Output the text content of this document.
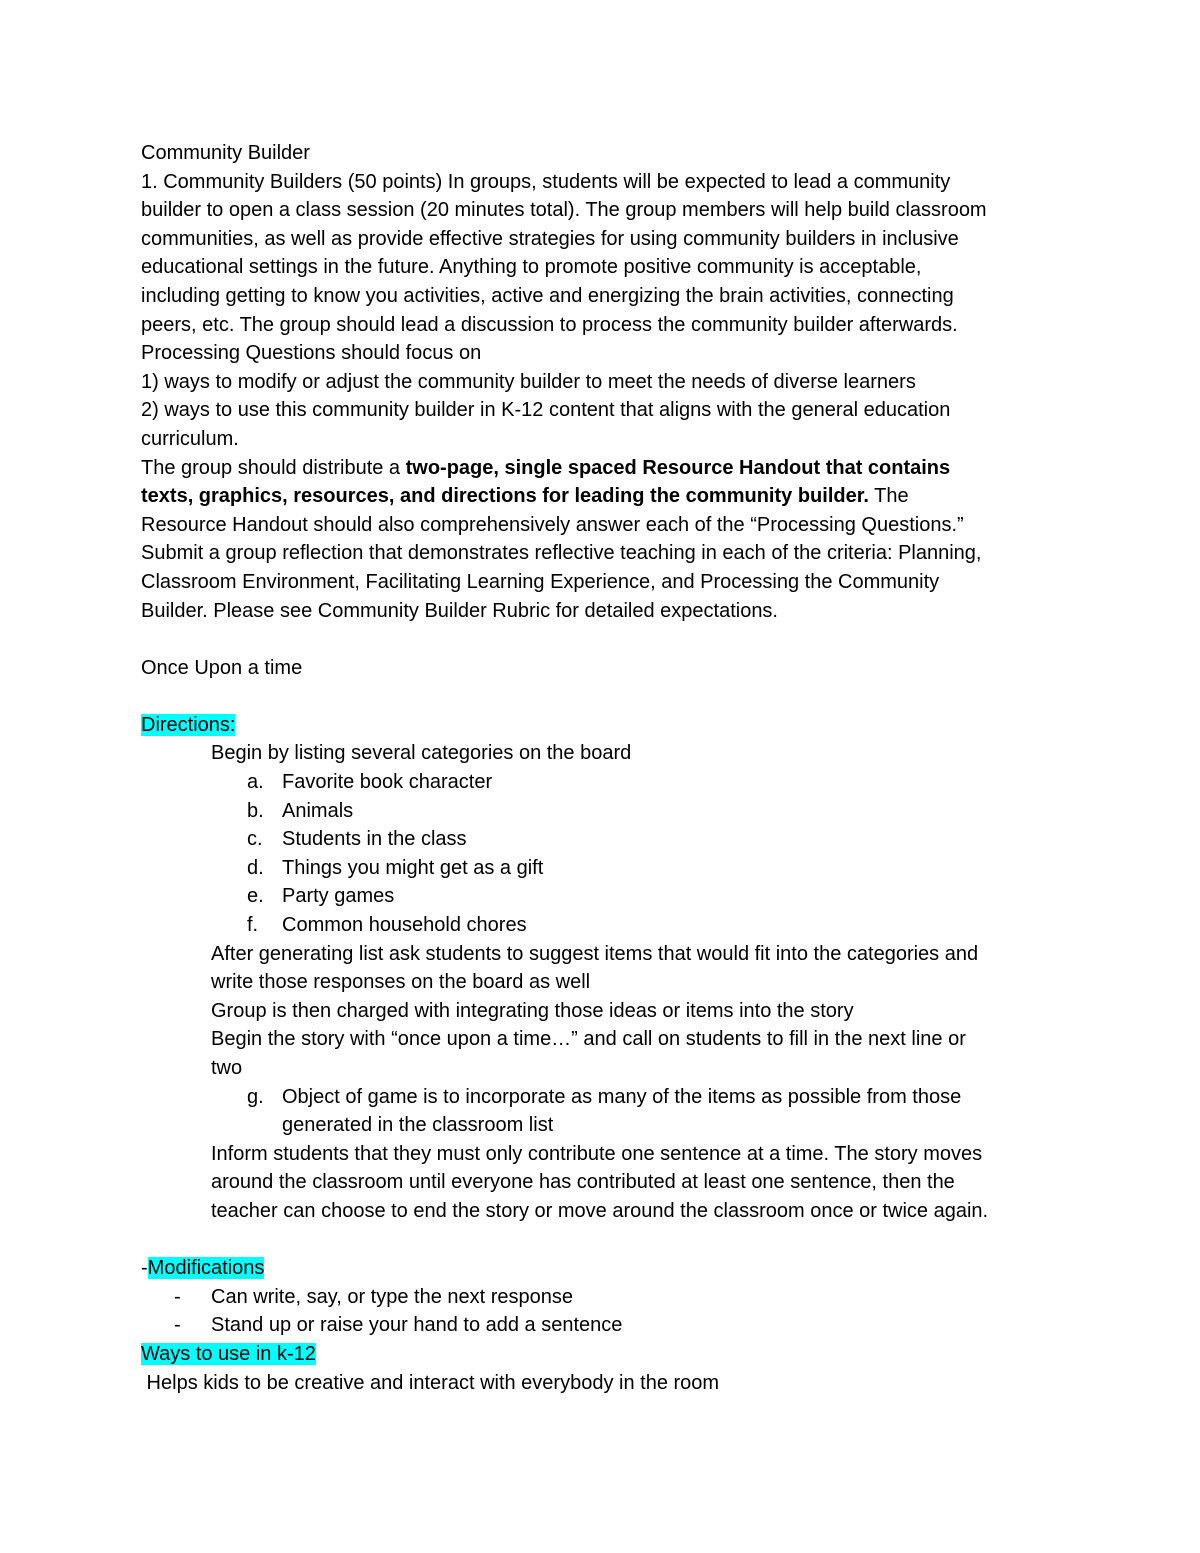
Community Builder
1. Community Builders (50 points) In groups, students will be expected to lead a community
builder to open a class session (20 minutes total). The group members will help build classroom
communities, as well as provide effective strategies for using community builders in inclusive
educational settings in the future. Anything to promote positive community is acceptable,
including getting to know you activities, active and energizing the brain activities, connecting
peers, etc. The group should lead a discussion to process the community builder afterwards.
Processing Questions should focus on
1) ways to modify or adjust the community builder to meet the needs of diverse learners
2) ways to use this community builder in K-12 content that aligns with the general education
curriculum.
The group should distribute a two-page, single spaced Resource Handout that contains
texts, graphics, resources, and directions for leading the community builder. The
Resource Handout should also comprehensively answer each of the “Processing Questions.”
Submit a group reflection that demonstrates reflective teaching in each of the criteria: Planning,
Classroom Environment, Facilitating Learning Experience, and Processing the Community
Builder. Please see Community Builder Rubric for detailed expectations.
Once Upon a time
Directions:
Begin by listing several categories on the board
a. Favorite book character
b. Animals
c. Students in the class
d. Things you might get as a gift
e. Party games
f. Common household chores
After generating list ask students to suggest items that would fit into the categories and
write those responses on the board as well
Group is then charged with integrating those ideas or items into the story
Begin the story with “once upon a time…” and call on students to fill in the next line or
two
g. Object of game is to incorporate as many of the items as possible from those
generated in the classroom list
Inform students that they must only contribute one sentence at a time. The story moves
around the classroom until everyone has contributed at least one sentence, then the
teacher can choose to end the story or move around the classroom once or twice again.
-Modifications
- Can write, say, or type the next response
- Stand up or raise your hand to add a sentence
Ways to use in k-12
Helps kids to be creative and interact with everybody in the room
